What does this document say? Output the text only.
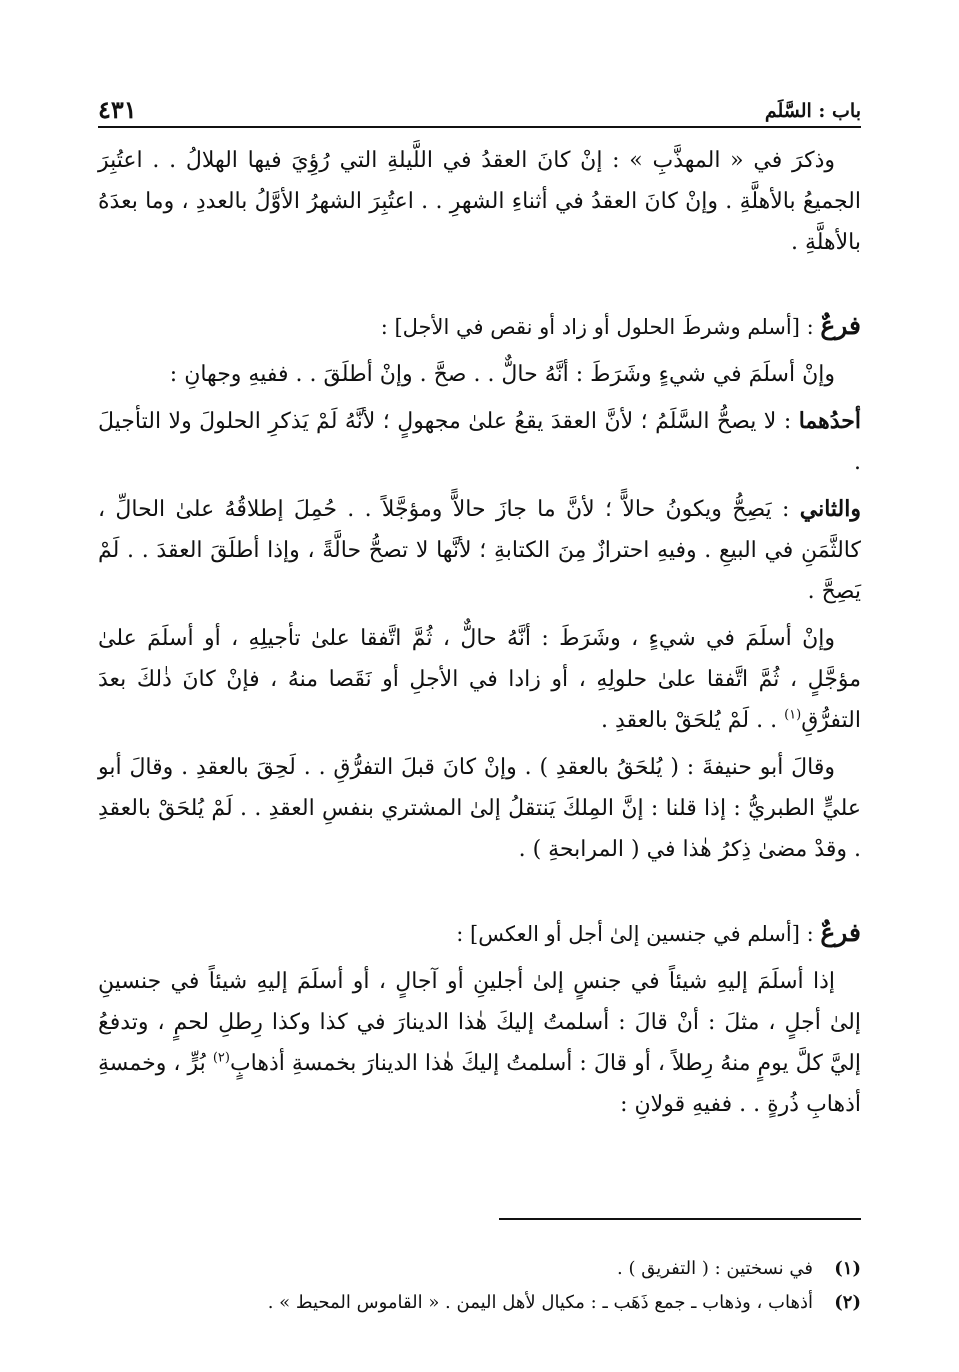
باب : السَّلَم
٤٣١

وذكرَ في « المهذَّبِ » : إنْ كانَ العقدُ في اللَّيلةِ التي رُؤِيَ فيها الهلالُ . . اعتُبِرَ الجميعُ بالأهلَّةِ . وإنْ كانَ العقدُ في أثناءِ الشهرِ . . اعتُبِرَ الشهرُ الأوَّلُ بالعددِ ، وما بعدَهُ بالأهلَّةِ .

فرعٌ : [أسلم وشرطَ الحلول أو زاد أو نقص في الأجل] :

وإنْ أسلَمَ في شيءٍ وشَرَطَ : أنَّهُ حالٌّ . . صحَّ . وإنْ أطلَقَ . . ففيهِ وجهانِ :

أحدُهما : لا يصحُّ السَّلَمُ ؛ لأنَّ العقدَ يقعُ علىٰ مجهولٍ ؛ لأنَّهُ لَمْ يَذكرِ الحلولَ ولا التأجيلَ .

والثاني : يَصِحُّ ويكونُ حالاًّ ؛ لأنَّ ما جازَ حالاًّ ومؤجَّلاً . . حُمِلَ إطلاقُهُ علىٰ الحالِّ ، كالثَّمَنِ في البيعِ . وفيهِ احترازٌ مِنَ الكتابةِ ؛ لأنَّها لا تصحُّ حالَّةً ، وإذا أطلَقَ العقدَ . . لَمْ يَصِحَّ .

وإنْ أسلَمَ في شيءٍ ، وشَرَطَ : أنَّهُ حالٌّ ، ثُمَّ اتَّفقا علىٰ تأجيلِهِ ، أو أسلَمَ علىٰ مؤجَّلٍ ، ثُمَّ اتَّفقا علىٰ حلولِهِ ، أو زادا في الأجلِ أو نَقَصا منهُ ، فإنْ كانَ ذٰلكَ بعدَ التفرُّقِ$^{(١)}$ . . لَمْ يُلحَقْ بالعقدِ .

وقالَ أبو حنيفةَ : ( يُلحَقُ بالعقدِ ) . وإنْ كانَ قبلَ التفرُّقِ . . لَحِقَ بالعقدِ . وقالَ أبو عليٍّ الطبريُّ : إذا قلنا : إنَّ المِلكَ يَنتقلُ إلىٰ المشتري بنفسِ العقدِ . . لَمْ يُلحَقْ بالعقدِ . وقدْ مضىٰ ذِكرُ هٰذا في ( المرابحةِ ) .

فرعٌ : [أسلم في جنسين إلىٰ أجل أو العكس] :

إذا أسلَمَ إليهِ شيئاً في جنسٍ إلىٰ أجلينِ أو آجالٍ ، أو أسلَمَ إليهِ شيئاً في جنسينِ إلىٰ أجلٍ ، مثلَ : أنْ قالَ : أسلمتُ إليكَ هٰذا الدينارَ في كذا وكذا رِطلِ لحمٍ ، وتدفعُ إليَّ كلَّ يومٍ منهُ رِطلاً ، أو قالَ : أسلمتُ إليكَ هٰذا الدينارَ بخمسةِ أذهابٍ$^{(٢)}$ بُرٍّ ، وخمسةِ أذهابِ ذُرةٍ . . ففيهِ قولانِ :

(١)
في نسختين : ( التفريق ) .
(٢)
أذهاب ، وذهاب ـ جمع ذَهَب ـ : مكيال لأهل اليمن . « القاموس المحيط » .
